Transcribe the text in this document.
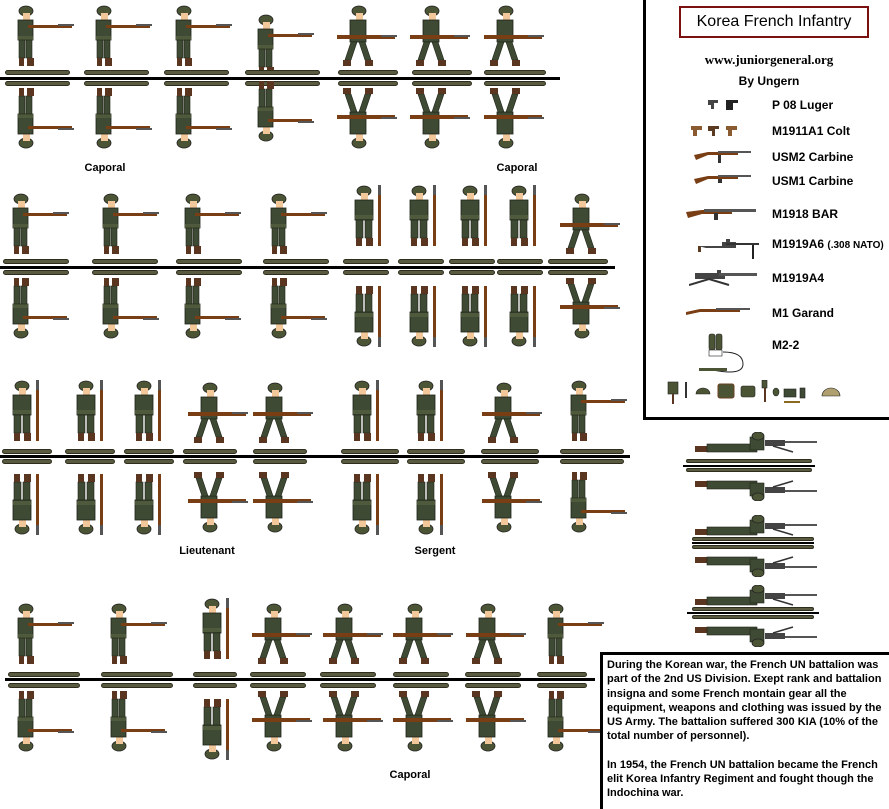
Caporal	Caporal
Lieutenant	Sergent
Caporal
Korea French Infantry
www.juniorgeneral.org
By Ungern
P 08 Luger
M1911A1 Colt
USM2 Carbine
USM1 Carbine
M1918 BAR
M1919A6 (.308 NATO)
M1919A4
M1 Garand
M2-2

During the Korean war, the French UN battalion was part of the 2nd US Division. Exept rank and battalion insigna and some French montain gear all the equipment, weapons and clothing was issued by the US Army. The battalion suffered 300 KIA (10% of the total number of personnel).

In 1954, the French UN battalion became the French elit Korea Infantry Regiment and fought though the Indochina war.
